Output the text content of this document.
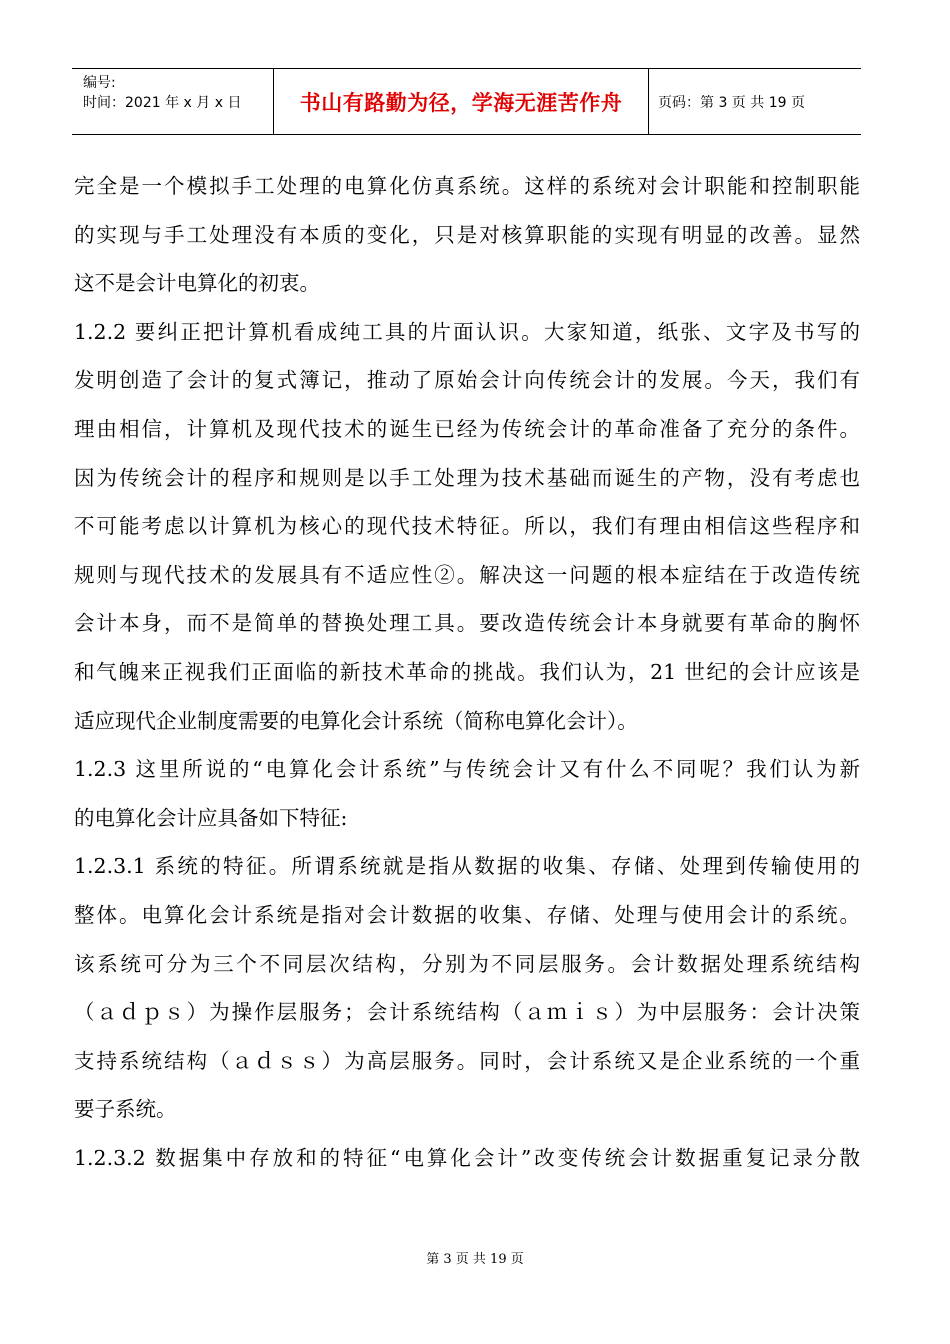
编号:
时间：2021 年 x 月 x 日	书山有路勤为径，学海无涯苦作舟	页码：第 3 页 共 19 页
完全是一个模拟手工处理的电算化仿真系统。这样的系统对会计职能和控制职能
的实现与手工处理没有本质的变化，只是对核算职能的实现有明显的改善。显然
这不是会计电算化的初衷。
1.2.2 要纠正把计算机看成纯工具的片面认识。大家知道，纸张、文字及书写的
发明创造了会计的复式簿记，推动了原始会计向传统会计的发展。今天，我们有
理由相信，计算机及现代技术的诞生已经为传统会计的革命准备了充分的条件。
因为传统会计的程序和规则是以手工处理为技术基础而诞生的产物，没有考虑也
不可能考虑以计算机为核心的现代技术特征。所以，我们有理由相信这些程序和
规则与现代技术的发展具有不适应性②。解决这一问题的根本症结在于改造传统
会计本身，而不是简单的替换处理工具。要改造传统会计本身就要有革命的胸怀
和气魄来正视我们正面临的新技术革命的挑战。我们认为，21 世纪的会计应该是
适应现代企业制度需要的电算化会计系统（简称电算化会计）。
1.2.3 这里所说的“电算化会计系统”与传统会计又有什么不同呢？我们认为新
的电算化会计应具备如下特征:
1.2.3.1 系统的特征。所谓系统就是指从数据的收集、存储、处理到传输使用的
整体。电算化会计系统是指对会计数据的收集、存储、处理与使用会计的系统。
该系统可分为三个不同层次结构，分别为不同层服务。会计数据处理系统结构
（ａｄｐｓ）为操作层服务；会计系统结构（ａｍｉｓ）为中层服务：会计决策
支持系统结构（ａｄｓｓ）为高层服务。同时，会计系统又是企业系统的一个重
要子系统。
1.2.3.2 数据集中存放和的特征“电算化会计”改变传统会计数据重复记录分散
第 3 页 共 19 页
